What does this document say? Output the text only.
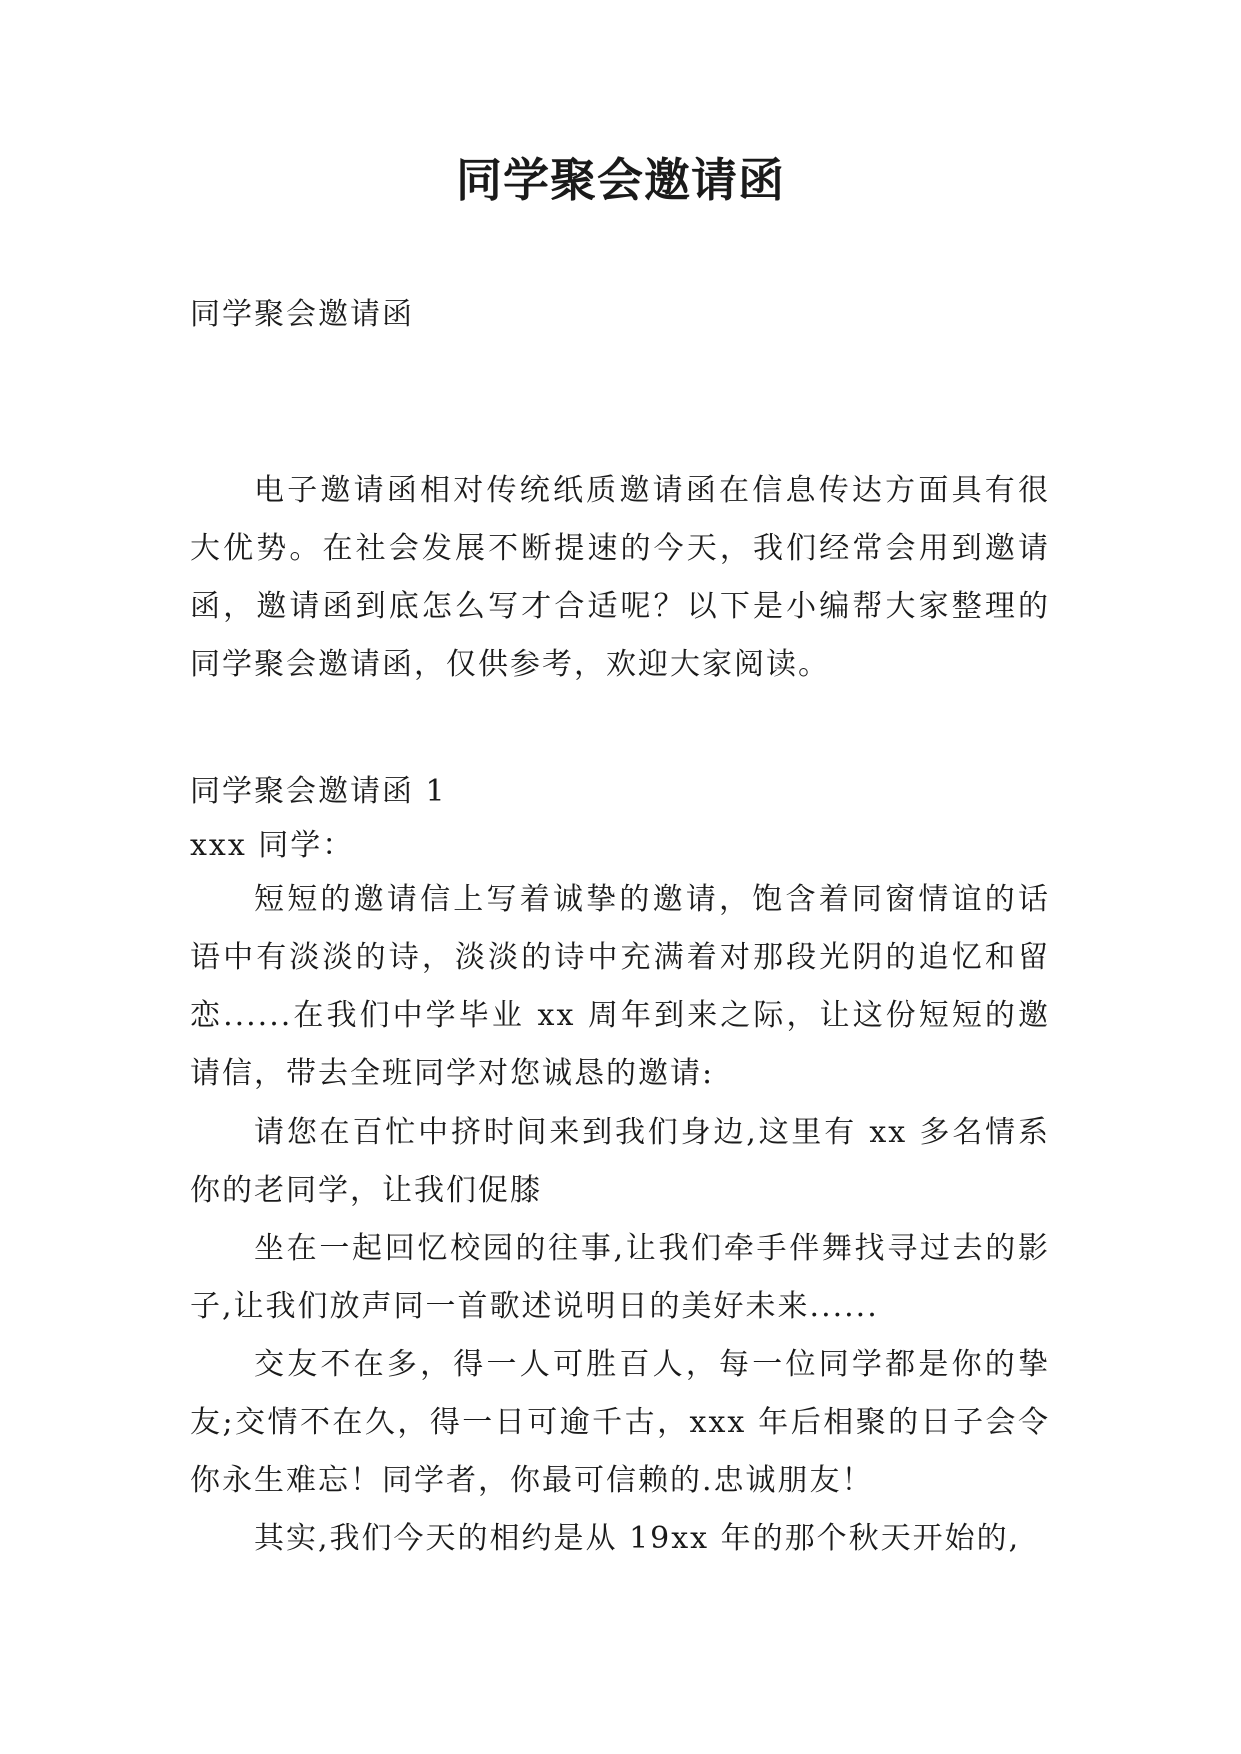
同学聚会邀请函

同学聚会邀请函

电子邀请函相对传统纸质邀请函在信息传达方面具有很大优势。在社会发展不断提速的今天，我们经常会用到邀请函，邀请函到底怎么写才合适呢？以下是小编帮大家整理的同学聚会邀请函，仅供参考，欢迎大家阅读。

同学聚会邀请函 1

xxx 同学：

短短的邀请信上写着诚挚的邀请，饱含着同窗情谊的话语中有淡淡的诗，淡淡的诗中充满着对那段光阴的追忆和留恋......在我们中学毕业 xx 周年到来之际，让这份短短的邀请信，带去全班同学对您诚恳的邀请:

请您在百忙中挤时间来到我们身边,这里有 xx 多名情系你的老同学，让我们促膝

坐在一起回忆校园的往事,让我们牵手伴舞找寻过去的影子,让我们放声同一首歌述说明日的美好未来......

交友不在多，得一人可胜百人，每一位同学都是你的挚友;交情不在久，得一日可逾千古，xxx 年后相聚的日子会令你永生难忘！同学者，你最可信赖的.忠诚朋友！

其实,我们今天的相约是从 19xx 年的那个秋天开始的,
